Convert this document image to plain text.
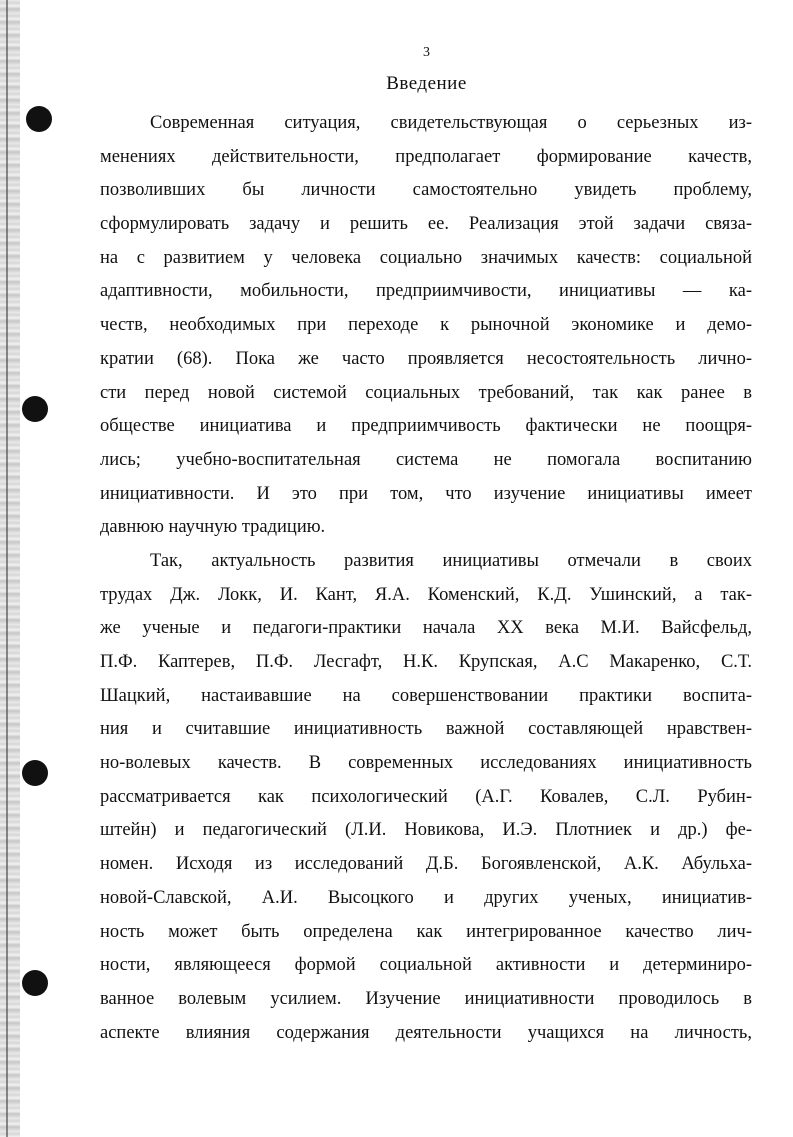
3
Введение
Современная ситуация, свидетельствующая о серьезных из-
менениях действительности, предполагает формирование качеств,
позволивших бы личности самостоятельно увидеть проблему,
сформулировать задачу и решить ее. Реализация этой задачи связа-
на с развитием у человека социально значимых качеств: социальной
адаптивности, мобильности, предприимчивости, инициативы — ка-
честв, необходимых при переходе к рыночной экономике и демо-
кратии (68). Пока же часто проявляется несостоятельность лично-
сти перед новой системой социальных требований, так как ранее в
обществе инициатива и предприимчивость фактически не поощря-
лись; учебно-воспитательная система не помогала воспитанию
инициативности. И это при том, что изучение инициативы имеет
давнюю научную традицию.
Так, актуальность развития инициативы отмечали в своих
трудах Дж. Локк, И. Кант, Я.А. Коменский, К.Д. Ушинский, а так-
же ученые и педагоги-практики начала XX века М.И. Вайсфельд,
П.Ф. Каптерев, П.Ф. Лесгафт, Н.К. Крупская, А.С Макаренко, С.Т.
Шацкий, настаивавшие на совершенствовании практики воспита-
ния и считавшие инициативность важной составляющей нравствен-
но-волевых качеств. В современных исследованиях инициативность
рассматривается как психологический (А.Г. Ковалев, С.Л. Рубин-
штейн) и педагогический (Л.И. Новикова, И.Э. Плотниек и др.) фе-
номен. Исходя из исследований Д.Б. Богоявленской, А.К. Абульха-
новой-Славской, А.И. Высоцкого и других ученых, инициатив-
ность может быть определена как интегрированное качество лич-
ности, являющееся формой социальной активности и детерминиро-
ванное волевым усилием. Изучение инициативности проводилось в
аспекте влияния содержания деятельности учащихся на личность,
